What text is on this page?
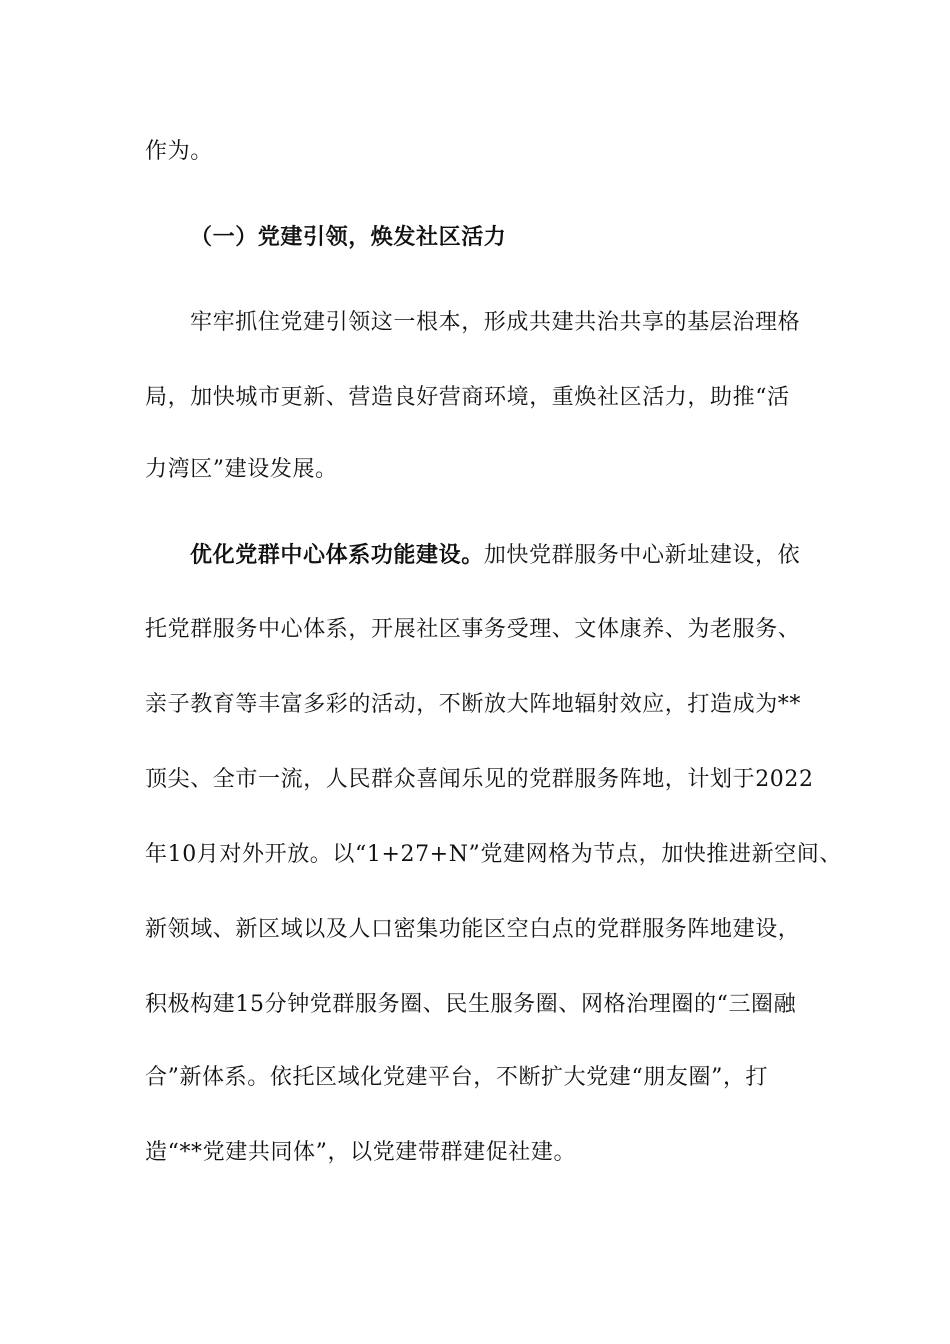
作为。
（一）党建引领，焕发社区活力
牢牢抓住党建引领这一根本，形成共建共治共享的基层治理格
局，加快城市更新、营造良好营商环境，重焕社区活力，助推“活
力湾区”建设发展。
优化党群中心体系功能建设。加快党群服务中心新址建设，依
托党群服务中心体系，开展社区事务受理、文体康养、为老服务、
亲子教育等丰富多彩的活动，不断放大阵地辐射效应，打造成为**
顶尖、全市一流，人民群众喜闻乐见的党群服务阵地，计划于2022
年10月对外开放。以“1+27+N”党建网格为节点，加快推进新空间、
新领域、新区域以及人口密集功能区空白点的党群服务阵地建设，
积极构建15分钟党群服务圈、民生服务圈、网格治理圈的“三圈融
合”新体系。依托区域化党建平台，不断扩大党建“朋友圈”，打
造“**党建共同体”，以党建带群建促社建。
